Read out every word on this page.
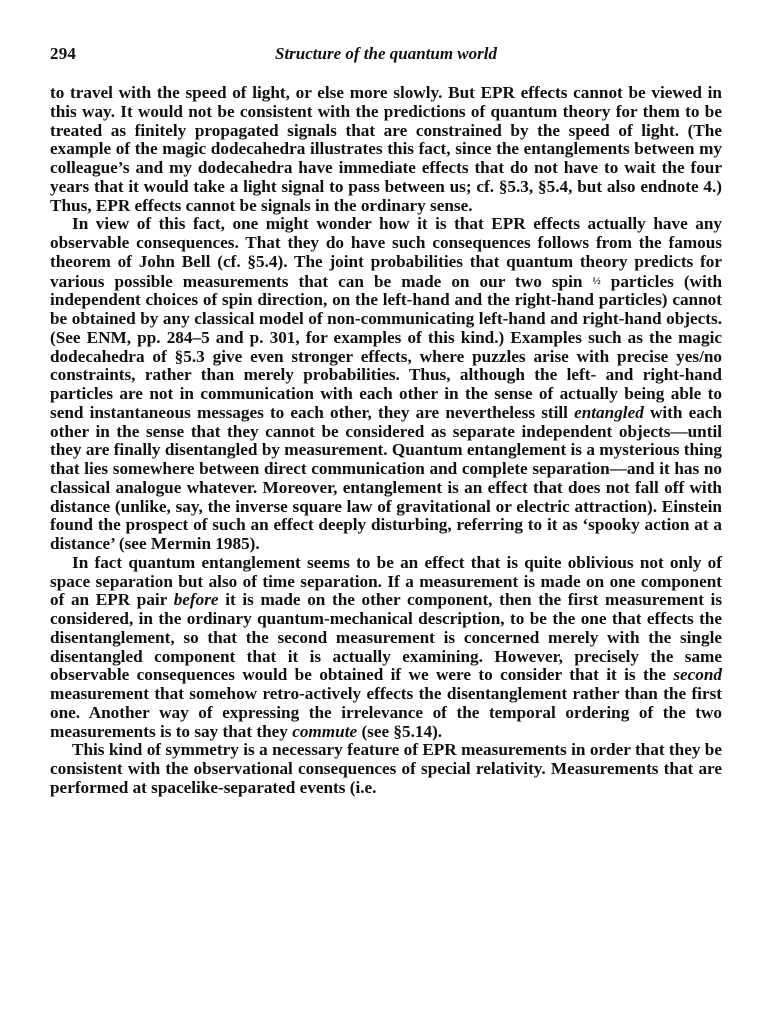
294	Structure of the quantum world

to travel with the speed of light, or else more slowly. But EPR effects cannot be viewed in this way. It would not be consistent with the predictions of quantum theory for them to be treated as finitely propagated signals that are constrained by the speed of light. (The example of the magic dodecahedra illustrates this fact, since the entanglements between my colleague’s and my dodecahedra have immediate effects that do not have to wait the four years that it would take a light signal to pass between us; cf. §5.3, §5.4, but also endnote 4.) Thus, EPR effects cannot be signals in the ordinary sense.

In view of this fact, one might wonder how it is that EPR effects actually have any observable consequences. That they do have such consequences follows from the famous theorem of John Bell (cf. §5.4). The joint probabilities that quantum theory predicts for various possible measurements that can be made on our two spin ½ particles (with independent choices of spin direction, on the left-hand and the right-hand particles) cannot be obtained by any classical model of non-communicating left-hand and right-hand objects. (See ENM, pp. 284–5 and p. 301, for examples of this kind.) Examples such as the magic dodecahedra of §5.3 give even stronger effects, where puzzles arise with precise yes/no constraints, rather than merely probabilities. Thus, although the left- and right-hand particles are not in communication with each other in the sense of actually being able to send instantaneous messages to each other, they are nevertheless still entangled with each other in the sense that they cannot be considered as separate independent objects—until they are finally disentangled by measurement. Quantum entanglement is a mysterious thing that lies somewhere between direct communication and complete separation—and it has no classical analogue whatever. Moreover, entanglement is an effect that does not fall off with distance (unlike, say, the inverse square law of gravitational or electric attraction). Einstein found the prospect of such an effect deeply disturbing, referring to it as ‘spooky action at a distance’ (see Mermin 1985).

In fact quantum entanglement seems to be an effect that is quite oblivious not only of space separation but also of time separation. If a measurement is made on one component of an EPR pair before it is made on the other component, then the first measurement is considered, in the ordinary quantum-mechanical description, to be the one that effects the disentanglement, so that the second measurement is concerned merely with the single disentangled component that it is actually examining. However, precisely the same observable consequences would be obtained if we were to consider that it is the second measurement that somehow retro-actively effects the disentanglement rather than the first one. Another way of expressing the irrelevance of the temporal ordering of the two measurements is to say that they commute (see §5.14).

This kind of symmetry is a necessary feature of EPR measurements in order that they be consistent with the observational consequences of special relativity. Measurements that are performed at spacelike-separated events (i.e.
